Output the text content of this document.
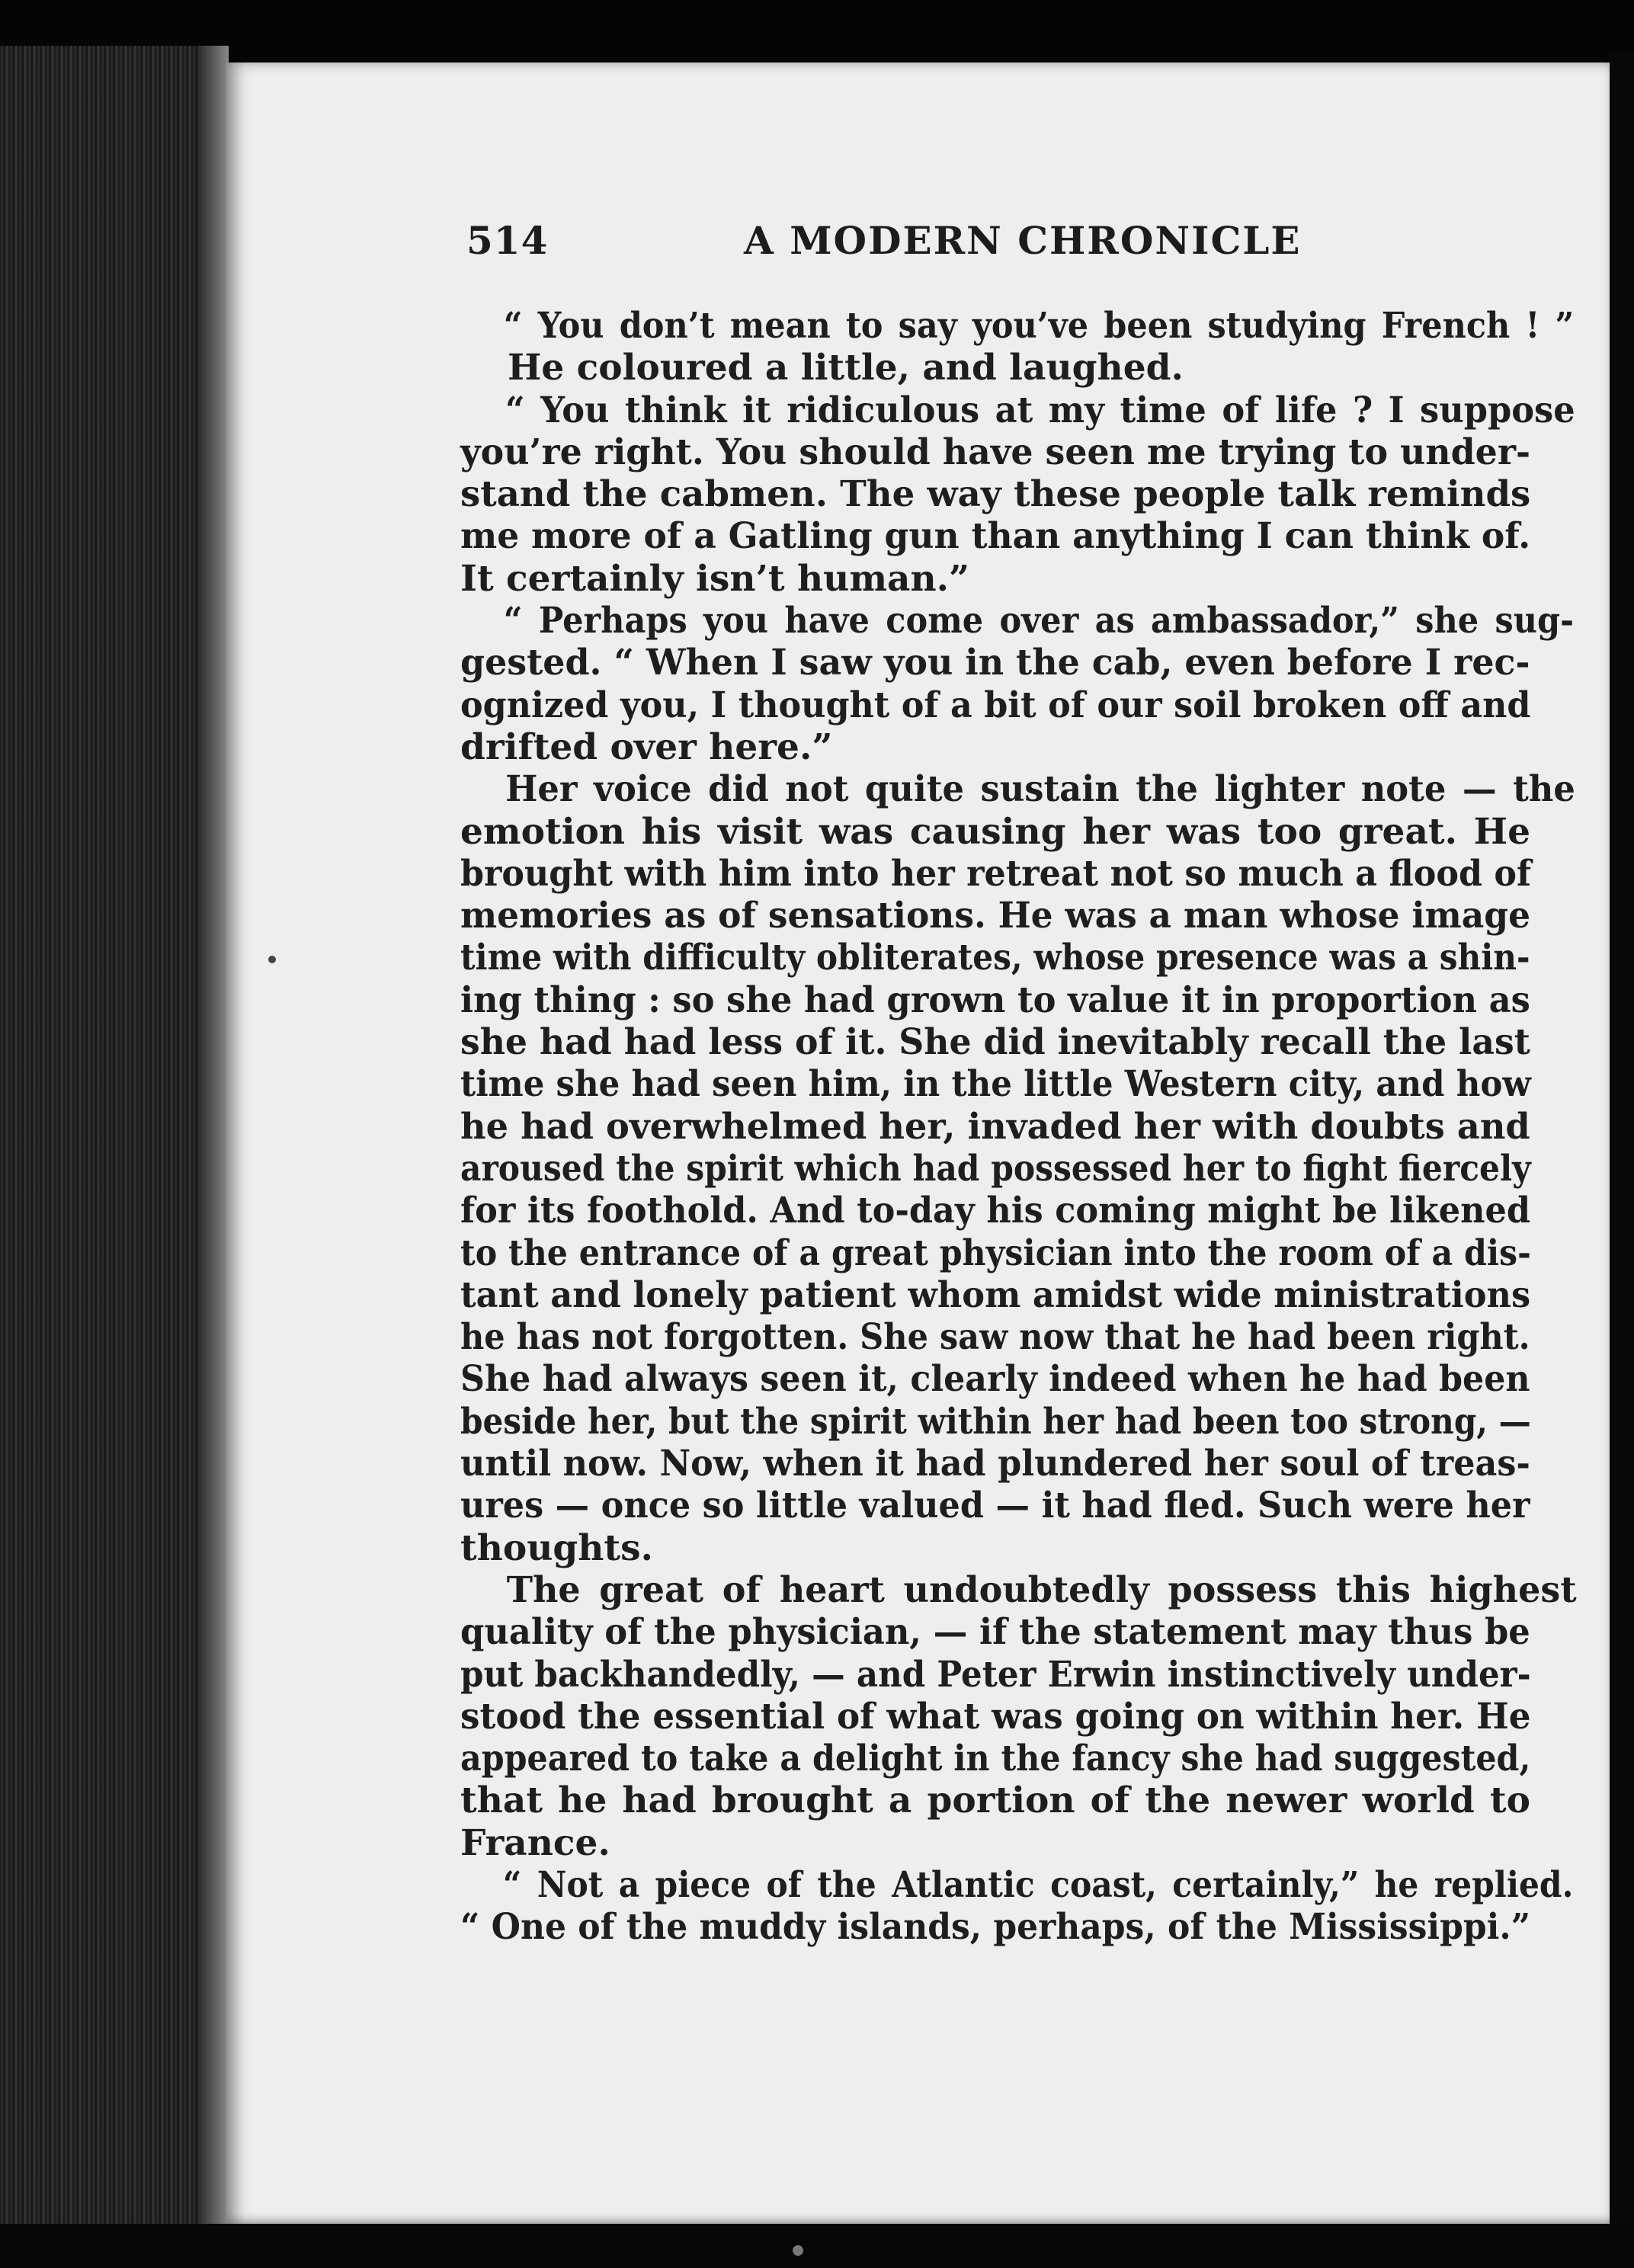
514	A MODERN CHRONICLE
“ You don’t mean to say you’ve been studying French ! ”
He coloured a little, and laughed.
“ You think it ridiculous at my time of life ? I suppose
you’re right. You should have seen me trying to under-
stand the cabmen. The way these people talk reminds
me more of a Gatling gun than anything I can think of.
It certainly isn’t human.”
“ Perhaps you have come over as ambassador,” she sug-
gested. “ When I saw you in the cab, even before I rec-
ognized you, I thought of a bit of our soil broken off and
drifted over here.”
Her voice did not quite sustain the lighter note — the
emotion his visit was causing her was too great. He
brought with him into her retreat not so much a flood of
memories as of sensations. He was a man whose image
time with difficulty obliterates, whose presence was a shin-
ing thing : so she had grown to value it in proportion as
she had had less of it. She did inevitably recall the last
time she had seen him, in the little Western city, and how
he had overwhelmed her, invaded her with doubts and
aroused the spirit which had possessed her to fight fiercely
for its foothold. And to-day his coming might be likened
to the entrance of a great physician into the room of a dis-
tant and lonely patient whom amidst wide ministrations
he has not forgotten. She saw now that he had been right.
She had always seen it, clearly indeed when he had been
beside her, but the spirit within her had been too strong, —
until now. Now, when it had plundered her soul of treas-
ures — once so little valued — it had fled. Such were her
thoughts.
The great of heart undoubtedly possess this highest
quality of the physician, — if the statement may thus be
put backhandedly, — and Peter Erwin instinctively under-
stood the essential of what was going on within her. He
appeared to take a delight in the fancy she had suggested,
that he had brought a portion of the newer world to
France.
“ Not a piece of the Atlantic coast, certainly,” he replied.
“ One of the muddy islands, perhaps, of the Mississippi.”
